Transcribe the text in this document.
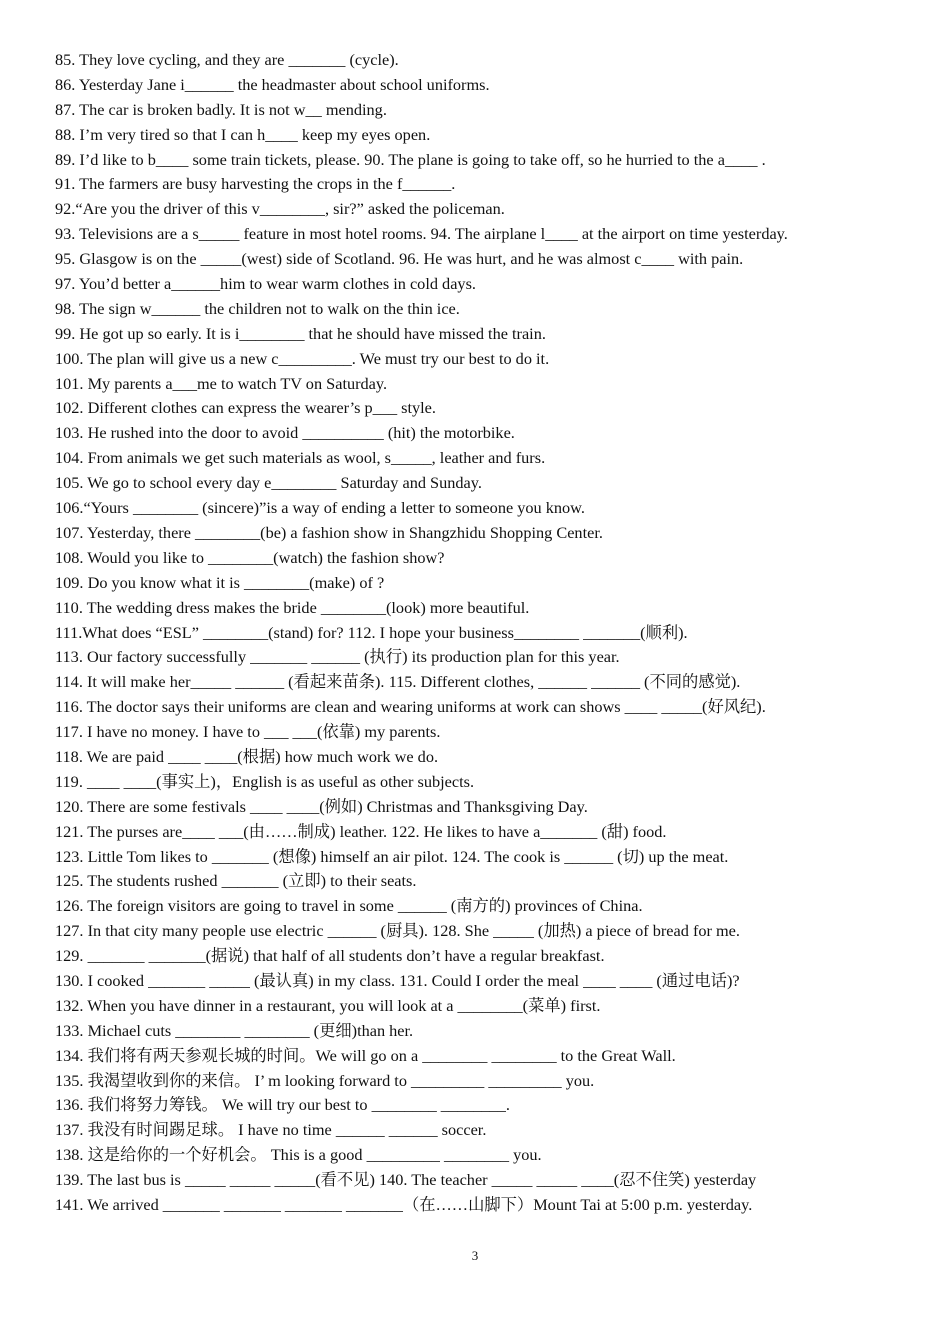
85. They love cycling, and they are _______ (cycle).
86. Yesterday Jane i______ the headmaster about school uniforms.
87. The car is broken badly. It is not w__ mending.
88. I’m very tired so that I can h____ keep my eyes open.
89. I’d like to b____ some train tickets, please. 90. The plane is going to take off, so he hurried to the a____ .
91. The farmers are busy harvesting the crops in the f______.
92.“Are you the driver of this v________, sir?” asked the policeman.
93. Televisions are a s_____ feature in most hotel rooms. 94. The airplane l____ at the airport on time yesterday.
95. Glasgow is on the _____(west) side of Scotland. 96. He was hurt, and he was almost c____ with pain.
97. You’d better a______him to wear warm clothes in cold days.
98. The sign w______ the children not to walk on the thin ice.
99. He got up so early. It is i________ that he should have missed the train.
100. The plan will give us a new c_________. We must try our best to do it.
101. My parents a___me to watch TV on Saturday.
102. Different clothes can express the wearer’s p___ style.
103. He rushed into the door to avoid __________ (hit) the motorbike.
104. From animals we get such materials as wool, s_____, leather and furs.
105. We go to school every day e________ Saturday and Sunday.
106.“Yours ________ (sincere)”is a way of ending a letter to someone you know.
107. Yesterday, there ________(be) a fashion show in Shangzhidu Shopping Center.
108. Would you like to ________(watch) the fashion show?
109. Do you know what it is ________(make) of ?
110. The wedding dress makes the bride ________(look) more beautiful.
111.What does “ESL” ________(stand) for? 112. I hope your business________ _______(顺利).
113. Our factory successfully _______ ______ (执行) its production plan for this year.
114. It will make her_____ ______ (看起来苗条). 115. Different clothes, ______ ______ (不同的感觉).
116. The doctor says their uniforms are clean and wearing uniforms at work can shows ____ _____(好风纪).
117. I have no money. I have to ___ ___(依靠) my parents.
118. We are paid ____ ____(根据) how much work we do.
119. ____ ____(事实上)，English is as useful as other subjects.
120. There are some festivals ____ ____(例如) Christmas and Thanksgiving Day.
121. The purses are____ ___(由……制成) leather. 122. He likes to have a_______ (甜) food.
123. Little Tom likes to _______ (想像) himself an air pilot. 124. The cook is ______ (切) up the meat.
125. The students rushed _______ (立即) to their seats.
126. The foreign visitors are going to travel in some ______ (南方的) provinces of China.
127. In that city many people use electric ______ (厨具). 128. She _____ (加热) a piece of bread for me.
129. _______ _______(据说) that half of all students don’t have a regular breakfast.
130. I cooked _______ _____ (最认真) in my class. 131. Could I order the meal ____ ____ (通过电话)?
132. When you have dinner in a restaurant, you will look at a ________(菜单) first.
133. Michael cuts ________ ________ (更细)than her.
134. 我们将有两天参观长城的时间。We will go on a ________ ________ to the Great Wall.
135. 我渴望收到你的来信。 I’ m looking forward to _________ _________ you.
136. 我们将努力筹钱。 We will try our best to ________ ________.
137. 我没有时间踢足球。 I have no time ______ ______ soccer.
138. 这是给你的一个好机会。 This is a good _________ ________ you.
139. The last bus is _____ _____ _____(看不见) 140. The teacher _____ _____ ____(忍不住笑) yesterday
141. We arrived _______ _______ _______ _______（在……山脚下）Mount Tai at 5:00 p.m. yesterday.
3
